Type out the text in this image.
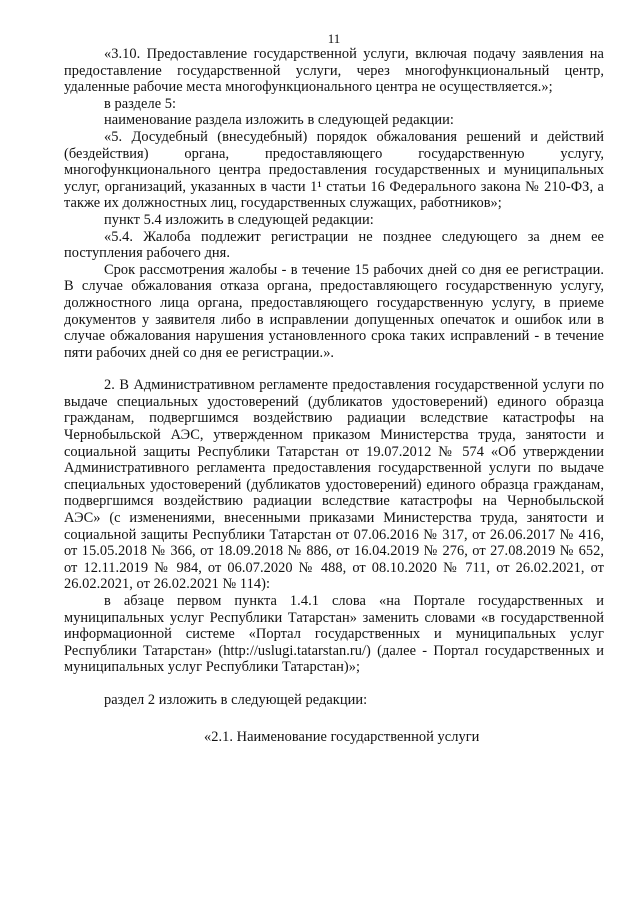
11

«3.10. Предоставление государственной услуги, включая подачу заявления на предоставление государственной услуги, через многофункциональный центр, удаленные рабочие места многофункционального центра не осуществляется.»;

в разделе 5:

наименование раздела изложить в следующей редакции:

«5. Досудебный (внесудебный) порядок обжалования решений и действий (бездействия) органа, предоставляющего государственную услугу, многофункционального центра предоставления государственных и муниципальных услуг, организаций, указанных в части 1¹ статьи 16 Федерального закона № 210-ФЗ, а также их должностных лиц, государственных служащих, работников»;

пункт 5.4 изложить в следующей редакции:

«5.4. Жалоба подлежит регистрации не позднее следующего за днем ее поступления рабочего дня.

Срок рассмотрения жалобы - в течение 15 рабочих дней со дня ее регистрации. В случае обжалования отказа органа, предоставляющего государственную услугу, должностного лица органа, предоставляющего государственную услугу, в приеме документов у заявителя либо в исправлении допущенных опечаток и ошибок или в случае обжалования нарушения установленного срока таких исправлений - в течение пяти рабочих дней со дня ее регистрации.».

2. В Административном регламенте предоставления государственной услуги по выдаче специальных удостоверений (дубликатов удостоверений) единого образца гражданам, подвергшимся воздействию радиации вследствие катастрофы на Чернобыльской АЭС, утвержденном приказом Министерства труда, занятости и социальной защиты Республики Татарстан от 19.07.2012 № 574 «Об утверждении Административного регламента предоставления государственной услуги по выдаче специальных удостоверений (дубликатов удостоверений) единого образца гражданам, подвергшимся воздействию радиации вследствие катастрофы на Чернобыльской АЭС» (с изменениями, внесенными приказами Министерства труда, занятости и социальной защиты Республики Татарстан от 07.06.2016 № 317, от 26.06.2017 № 416, от 15.05.2018 № 366, от 18.09.2018 № 886, от 16.04.2019 № 276, от 27.08.2019 № 652, от 12.11.2019 № 984, от 06.07.2020 № 488, от 08.10.2020 № 711, от 26.02.2021, от 26.02.2021, от 26.02.2021 № 114):

в абзаце первом пункта 1.4.1 слова «на Портале государственных и муниципальных услуг Республики Татарстан» заменить словами «в государственной информационной системе «Портал государственных и муниципальных услуг Республики Татарстан» (http://uslugi.tatarstan.ru/) (далее - Портал государственных и муниципальных услуг Республики Татарстан)»;

раздел 2 изложить в следующей редакции:

«2.1. Наименование государственной услуги
